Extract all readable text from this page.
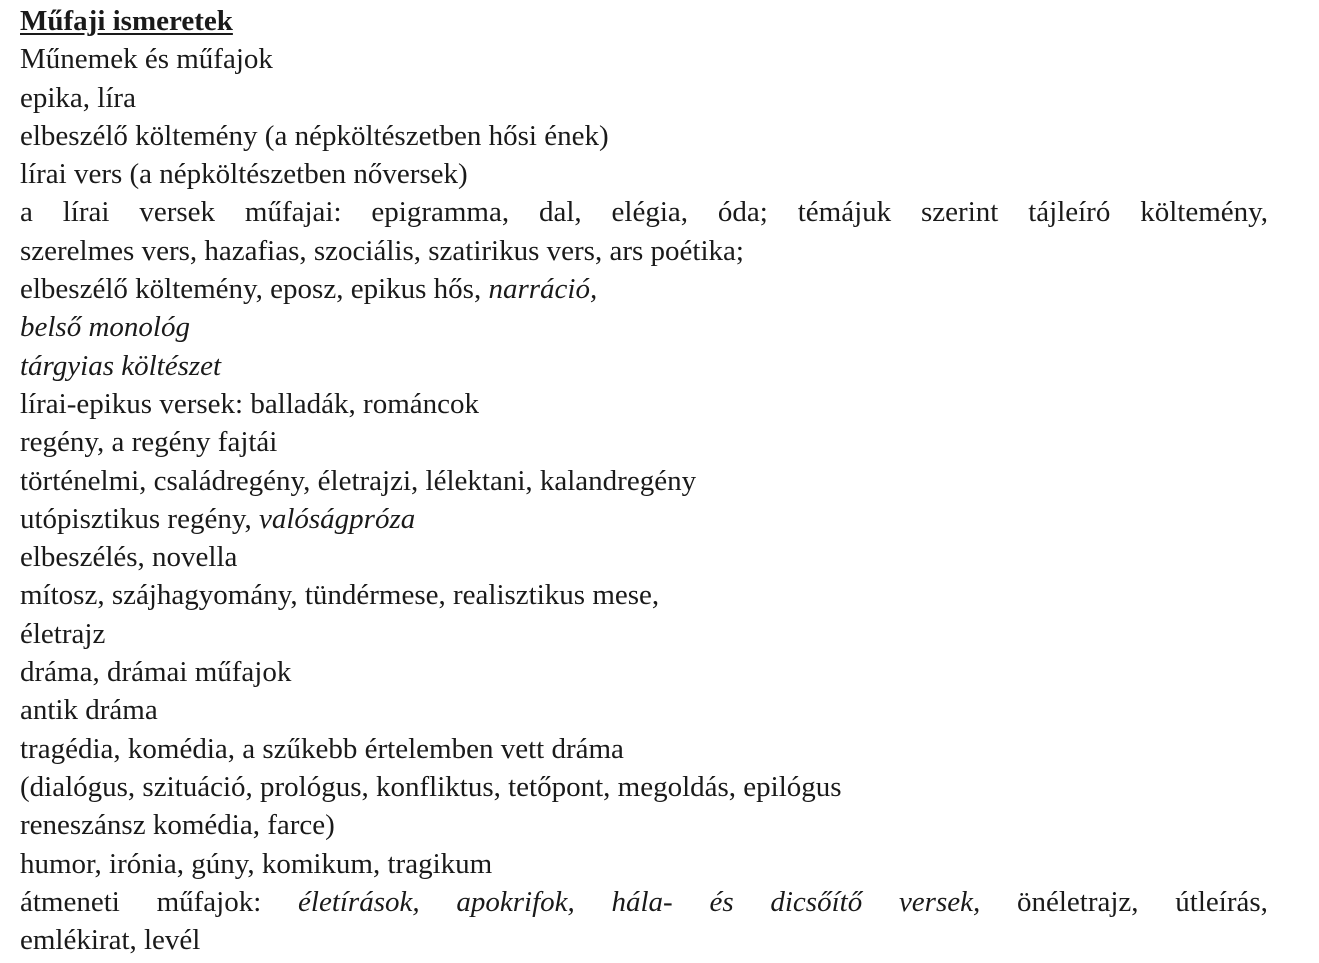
Műfaji ismeretek
Műnemek és műfajok
epika, líra
elbeszélő költemény (a népköltészetben hősi ének)
lírai vers (a népköltészetben nőversek)
a lírai versek műfajai: epigramma, dal, elégia, óda; témájuk szerint tájleíró költemény,
szerelmes vers, hazafias, szociális, szatirikus vers, ars poétika;
elbeszélő költemény, eposz, epikus hős, narráció,
belső monológ
tárgyias költészet
lírai-epikus versek: balladák, románcok
regény, a regény fajtái
történelmi, családregény, életrajzi, lélektani, kalandregény
utópisztikus regény, valóságpróza
elbeszélés, novella
mítosz, szájhagyomány, tündérmese, realisztikus mese,
életrajz
dráma, drámai műfajok
antik dráma
tragédia, komédia, a szűkebb értelemben vett dráma
(dialógus, szituáció, prológus, konfliktus, tetőpont, megoldás, epilógus
reneszánsz komédia, farce)
humor, irónia, gúny, komikum, tragikum
átmeneti műfajok: életírások, apokrifok, hála- és dicsőítő versek, önéletrajz, útleírás,
emlékirat, levél
